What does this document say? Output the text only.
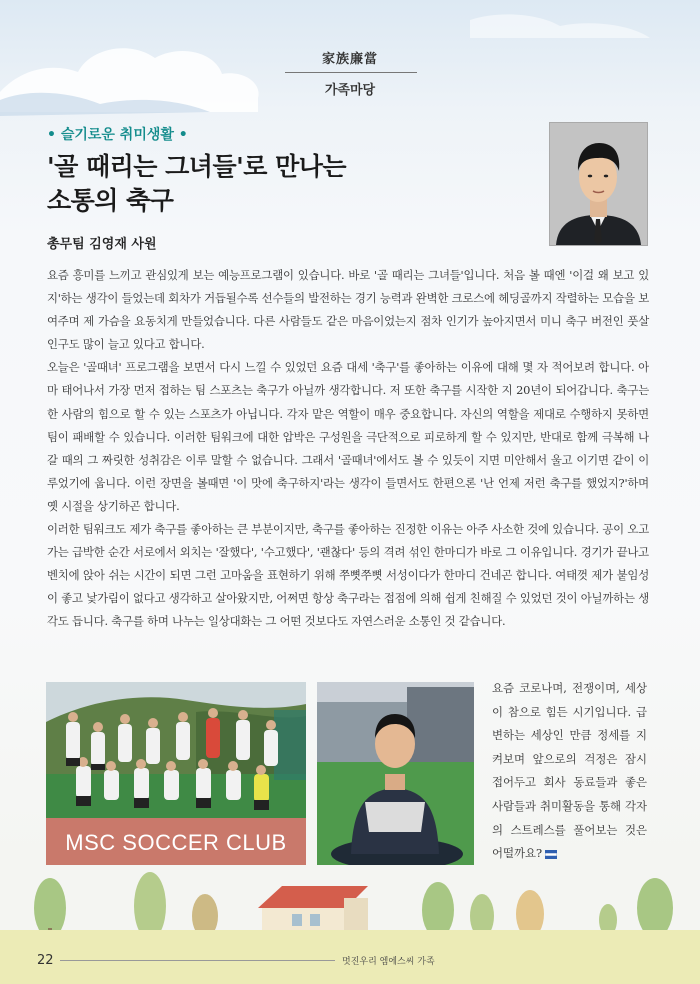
家族廉當
가족마당
• 슬기로운 취미생활 •
'골 때리는 그녀들'로 만나는
소통의 축구
총무팀 김영재 사원

요즘 흥미를 느끼고 관심있게 보는 예능프로그램이 있습니다. 바로 '골 때리는 그녀들'입니다. 처음 볼 때엔 '이걸 왜 보고 있지'하는 생각이 들었는데 회차가 거듭될수록 선수들의 발전하는 경기 능력과 완벽한 크로스에 헤딩골까지 작렬하는 모습을 보여주며 제 가슴을 요동치게 만들었습니다. 다른 사람들도 같은 마음이었는지 점차 인기가 높아지면서 미니 축구 버전인 풋살 인구도 많이 늘고 있다고 합니다.

오늘은 '골때녀' 프로그램을 보면서 다시 느낄 수 있었던 요즘 대세 '축구'를 좋아하는 이유에 대해 몇 자 적어보려 합니다. 아마 태어나서 가장 먼저 접하는 팀 스포츠는 축구가 아닐까 생각합니다. 저 또한 축구를 시작한 지 20년이 되어갑니다. 축구는 한 사람의 힘으로 할 수 있는 스포츠가 아닙니다. 각자 맡은 역할이 매우 중요합니다. 자신의 역할을 제대로 수행하지 못하면 팀이 패배할 수 있습니다. 이러한 팀워크에 대한 압박은 구성원을 극단적으로 피로하게 할 수 있지만, 반대로 함께 극복해 나갈 때의 그 짜릿한 성취감은 이루 말할 수 없습니다. 그래서 '골때녀'에서도 볼 수 있듯이 지면 미안해서 울고 이기면 같이 이루었기에 웁니다. 이런 장면을 볼때면 '이 맛에 축구하지'라는 생각이 들면서도 한편으론 '난 언제 저런 축구를 했었지?'하며 옛 시절을 상기하곤 합니다.

이러한 팀워크도 제가 축구를 좋아하는 큰 부분이지만, 축구를 좋아하는 진정한 이유는 아주 사소한 것에 있습니다. 공이 오고 가는 급박한 순간 서로에서 외치는 '잘했다', '수고했다', '괜찮다' 등의 격려 섞인 한마디가 바로 그 이유입니다. 경기가 끝나고 벤치에 앉아 쉬는 시간이 되면 그런 고마움을 표현하기 위해 쭈뼛쭈뼛 서성이다가 한마디 건네곤 합니다. 여태껏 제가 붙임성이 좋고 낯가림이 없다고 생각하고 살아왔지만, 어쩌면 항상 축구라는 접점에 의해 쉽게 친해질 수 있었던 것이 아닐까하는 생각도 듭니다. 축구를 하며 나누는 일상대화는 그 어떤 것보다도 자연스러운 소통인 것 같습니다.

MSC SOCCER CLUB
요즘 코로나며, 전쟁이며, 세상이 참으로 힘든 시기입니다. 급변하는 세상인 만큼 정세를 지켜보며 앞으로의 걱정은 잠시 접어두고 회사 동료들과 좋은 사람들과 취미활동을 통해 각자의 스트레스를 풀어보는 것은 어떨까요?
22	멋진우리 엠에스씨 가족
